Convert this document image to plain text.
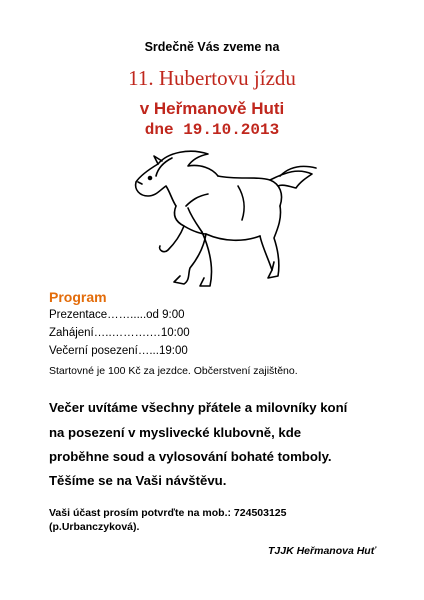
Srdečně Vás zveme na
11. Hubertovu jízdu
v Heřmanově Huti
dne 19.10.2013
Program
Prezentace…….....od 9:00
Zahájení…..……….…10:00
Večerní posezení…...19:00
Startovné je 100 Kč za jezdce. Občerstvení zajištěno.
Večer uvítáme všechny přátele a milovníky koní
na posezení v myslivecké klubovně, kde
proběhne soud a vylosování bohaté tomboly.
Těšíme se na Vaši návštěvu.
Vaši účast prosím potvrďte na mob.: 724503125
(p.Urbanczyková).
TJJK Heřmanova Huť
